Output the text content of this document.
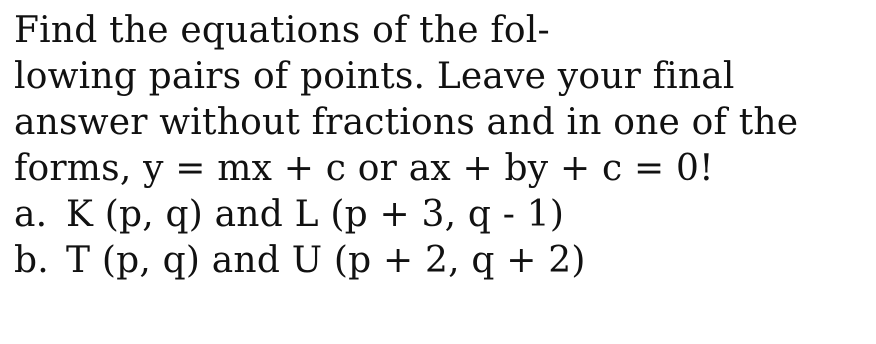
Find the equations of the fol-
lowing pairs of points. Leave your final
answer without fractions and in one of the
forms, y = mx + c or ax + by + c = 0!
a. K (p, q) and L (p + 3, q - 1)
b. T (p, q) and U (p + 2, q + 2)
